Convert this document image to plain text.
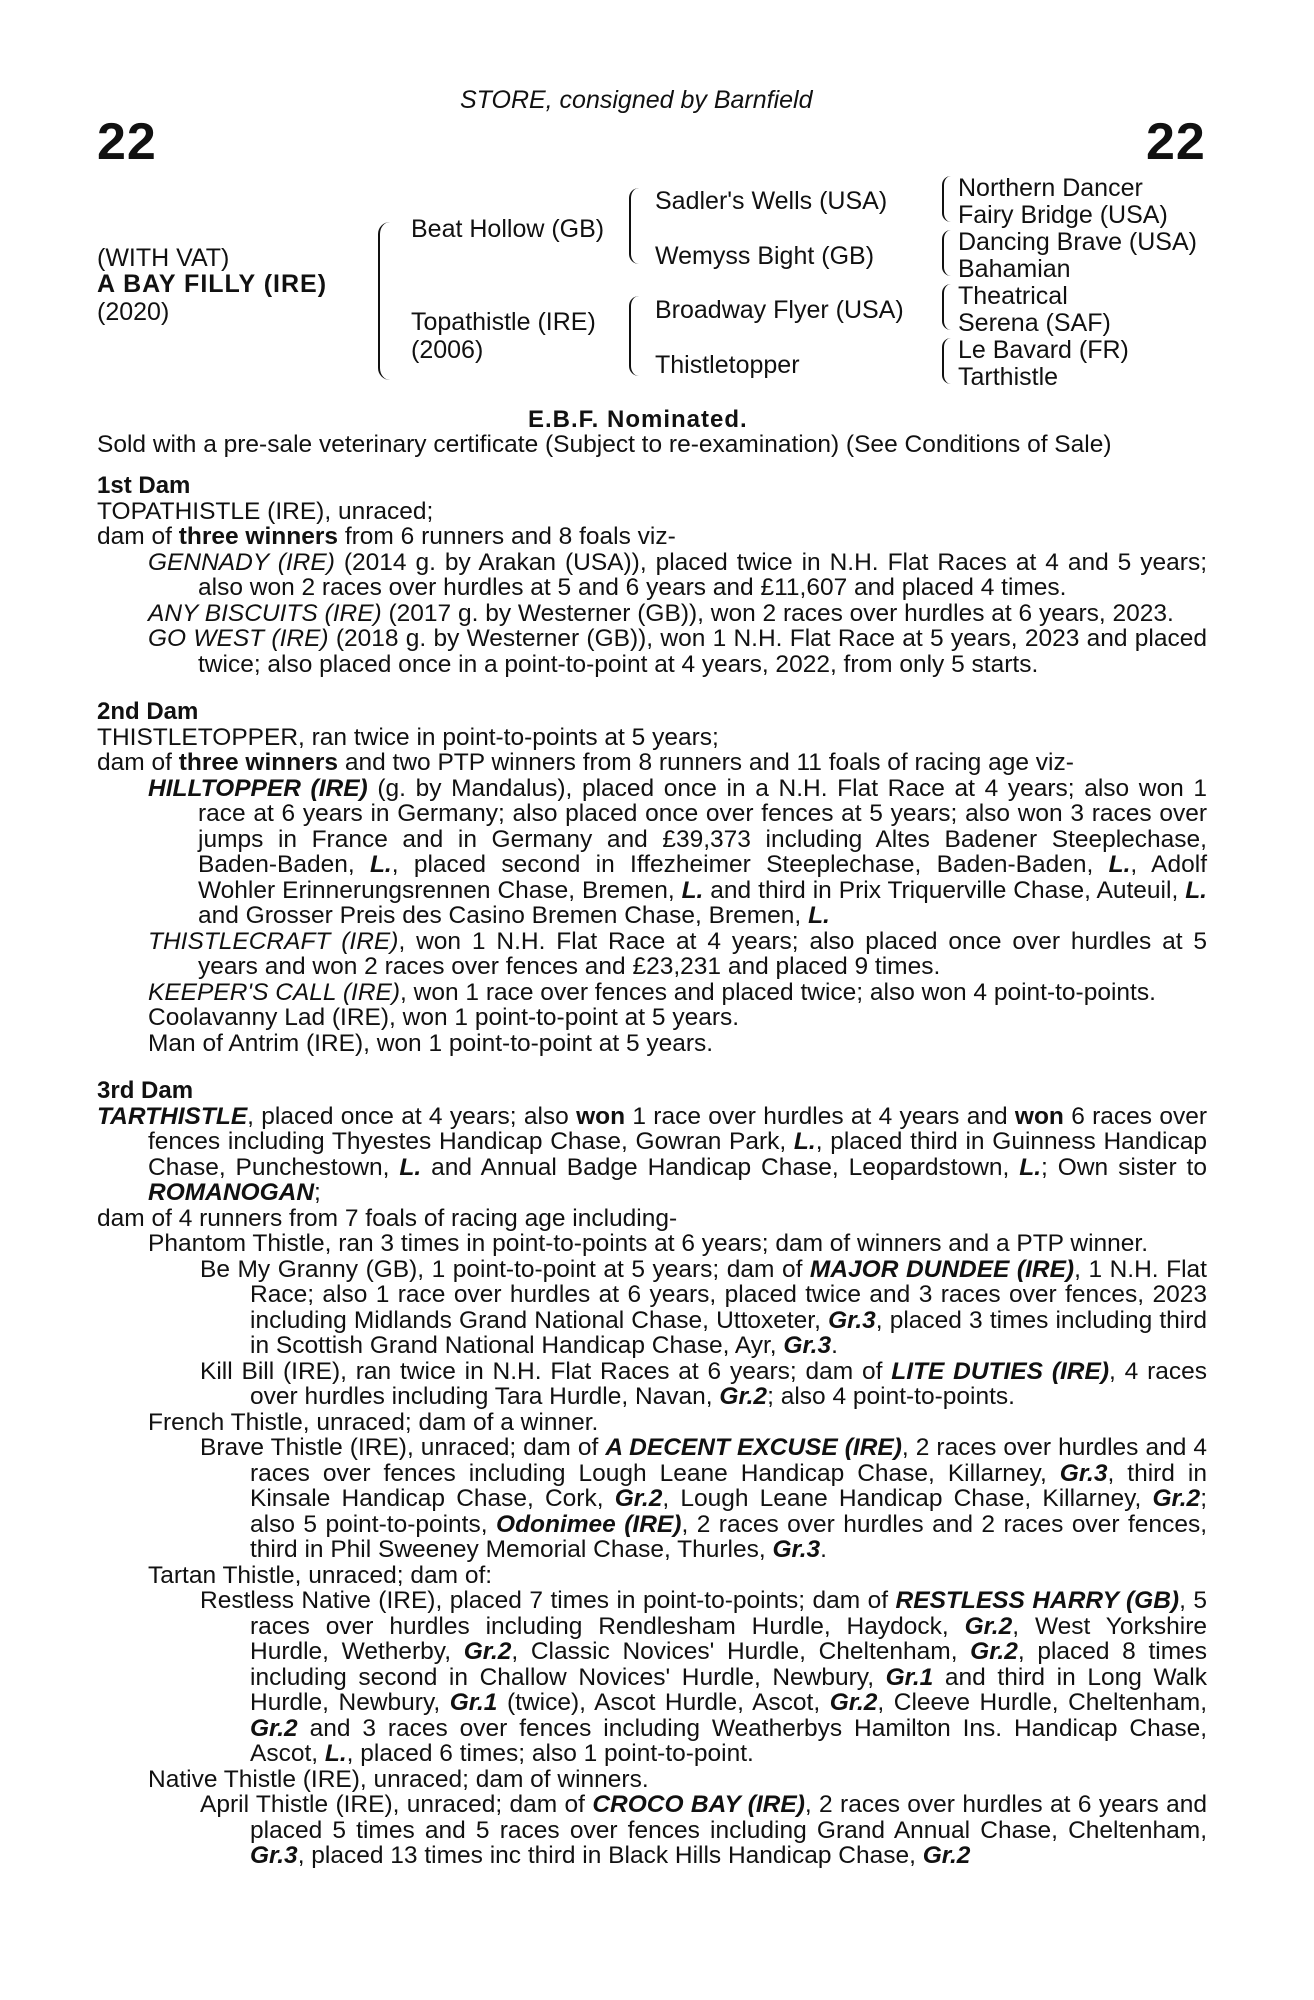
STORE, consigned by Barnfield
22	22
(WITH VAT)
A BAY FILLY (IRE)
(2020)
Beat Hollow (GB)
Topathistle (IRE)
(2006)
Sadler's Wells (USA)
Wemyss Bight (GB)
Broadway Flyer (USA)
Thistletopper
Northern Dancer
Fairy Bridge (USA)
Dancing Brave (USA)
Bahamian
Theatrical
Serena (SAF)
Le Bavard (FR)
Tarthistle
E.B.F. Nominated.
Sold with a pre-sale veterinary certificate (Subject to re-examination) (See Conditions of Sale)
1st Dam
TOPATHISTLE (IRE), unraced;
dam of three winners from 6 runners and 8 foals viz-
GENNADY (IRE) (2014 g. by Arakan (USA)), placed twice in N.H. Flat Races at 4 and 5 years; also won 2 races over hurdles at 5 and 6 years and £11,607 and placed 4 times.
ANY BISCUITS (IRE) (2017 g. by Westerner (GB)), won 2 races over hurdles at 6 years, 2023.
GO WEST (IRE) (2018 g. by Westerner (GB)), won 1 N.H. Flat Race at 5 years, 2023 and placed twice; also placed once in a point-to-point at 4 years, 2022, from only 5 starts.
2nd Dam
THISTLETOPPER, ran twice in point-to-points at 5 years;
dam of three winners and two PTP winners from 8 runners and 11 foals of racing age viz-
HILLTOPPER (IRE) (g. by Mandalus), placed once in a N.H. Flat Race at 4 years; also won 1 race at 6 years in Germany; also placed once over fences at 5 years; also won 3 races over jumps in France and in Germany and £39,373 including Altes Badener Steeplechase, Baden-Baden, L., placed second in Iffezheimer Steeplechase, Baden-Baden, L., Adolf Wohler Erinnerungsrennen Chase, Bremen, L. and third in Prix Triquerville Chase, Auteuil, L. and Grosser Preis des Casino Bremen Chase, Bremen, L.
THISTLECRAFT (IRE), won 1 N.H. Flat Race at 4 years; also placed once over hurdles at 5 years and won 2 races over fences and £23,231 and placed 9 times.
KEEPER'S CALL (IRE), won 1 race over fences and placed twice; also won 4 point-to-points.
Coolavanny Lad (IRE), won 1 point-to-point at 5 years.
Man of Antrim (IRE), won 1 point-to-point at 5 years.
3rd Dam
TARTHISTLE, placed once at 4 years; also won 1 race over hurdles at 4 years and won 6 races over fences including Thyestes Handicap Chase, Gowran Park, L., placed third in Guinness Handicap Chase, Punchestown, L. and Annual Badge Handicap Chase, Leopardstown, L.; Own sister to ROMANOGAN;
dam of 4 runners from 7 foals of racing age including-
Phantom Thistle, ran 3 times in point-to-points at 6 years; dam of winners and a PTP winner.
Be My Granny (GB), 1 point-to-point at 5 years; dam of MAJOR DUNDEE (IRE), 1 N.H. Flat Race; also 1 race over hurdles at 6 years, placed twice and 3 races over fences, 2023 including Midlands Grand National Chase, Uttoxeter, Gr.3, placed 3 times including third in Scottish Grand National Handicap Chase, Ayr, Gr.3.
Kill Bill (IRE), ran twice in N.H. Flat Races at 6 years; dam of LITE DUTIES (IRE), 4 races over hurdles including Tara Hurdle, Navan, Gr.2; also 4 point-to-points.
French Thistle, unraced; dam of a winner.
Brave Thistle (IRE), unraced; dam of A DECENT EXCUSE (IRE), 2 races over hurdles and 4 races over fences including Lough Leane Handicap Chase, Killarney, Gr.3, third in Kinsale Handicap Chase, Cork, Gr.2, Lough Leane Handicap Chase, Killarney, Gr.2; also 5 point-to-points, Odonimee (IRE), 2 races over hurdles and 2 races over fences, third in Phil Sweeney Memorial Chase, Thurles, Gr.3.
Tartan Thistle, unraced; dam of:
Restless Native (IRE), placed 7 times in point-to-points; dam of RESTLESS HARRY (GB), 5 races over hurdles including Rendlesham Hurdle, Haydock, Gr.2, West Yorkshire Hurdle, Wetherby, Gr.2, Classic Novices' Hurdle, Cheltenham, Gr.2, placed 8 times including second in Challow Novices' Hurdle, Newbury, Gr.1 and third in Long Walk Hurdle, Newbury, Gr.1 (twice), Ascot Hurdle, Ascot, Gr.2, Cleeve Hurdle, Cheltenham, Gr.2 and 3 races over fences including Weatherbys Hamilton Ins. Handicap Chase, Ascot, L., placed 6 times; also 1 point-to-point.
Native Thistle (IRE), unraced; dam of winners.
April Thistle (IRE), unraced; dam of CROCO BAY (IRE), 2 races over hurdles at 6 years and placed 5 times and 5 races over fences including Grand Annual Chase, Cheltenham, Gr.3, placed 13 times inc third in Black Hills Handicap Chase, Gr.2
